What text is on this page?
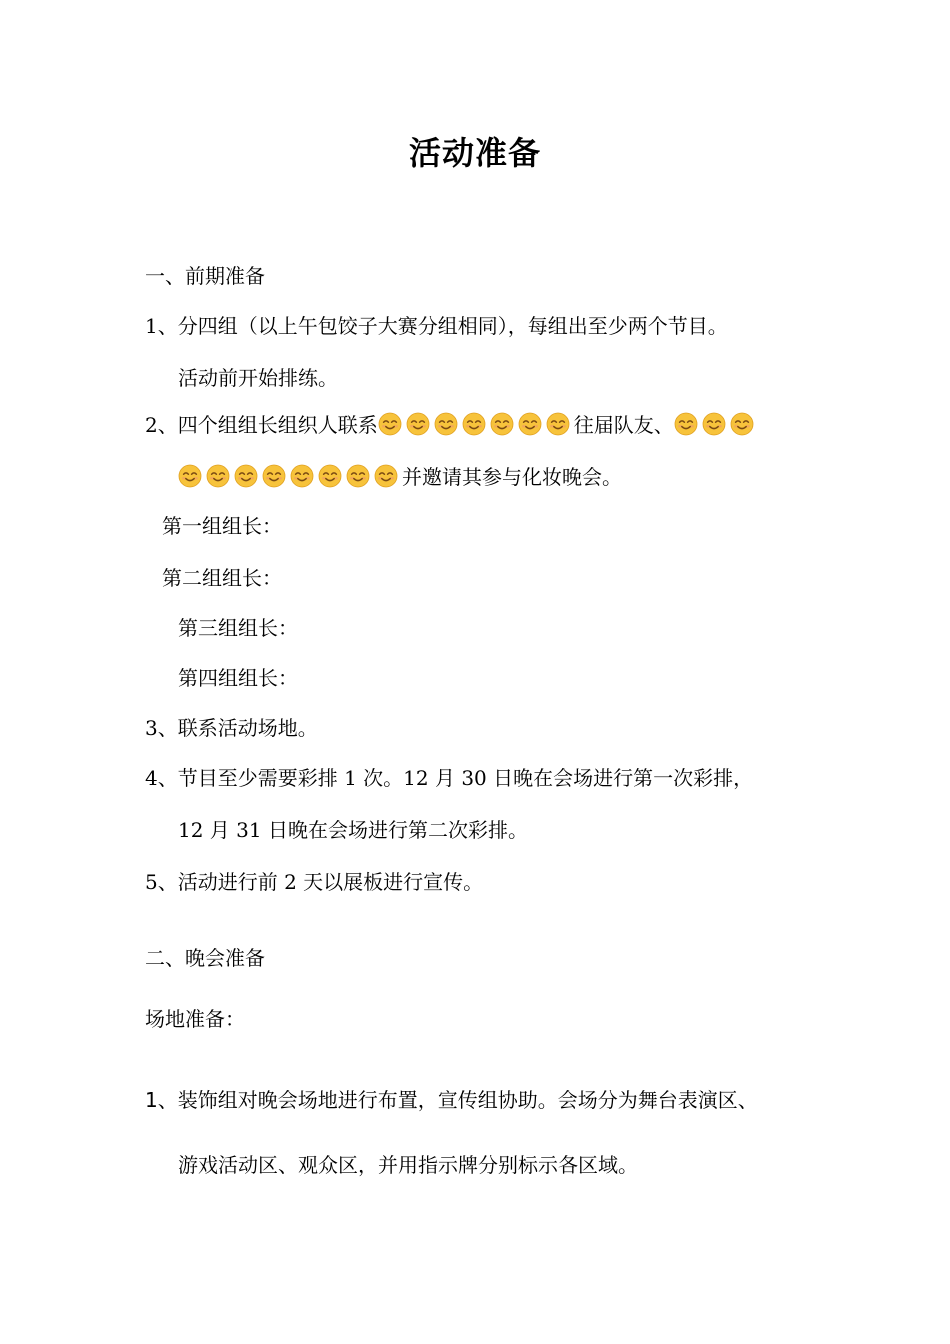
活动准备
一、前期准备
1、分四组（以上午包饺子大赛分组相同），每组出至少两个节目。
活动前开始排练。
2、四个组组长组织人联系	往届队友、
并邀请其参与化妆晚会。
第一组组长：
第二组组长：
第三组组长：
第四组组长：
3、联系活动场地。
4、节目至少需要彩排 1 次。12 月 30 日晚在会场进行第一次彩排，
12 月 31 日晚在会场进行第二次彩排。
5、活动进行前 2 天以展板进行宣传。
二、晚会准备
场地准备：
1、装饰组对晚会场地进行布置，宣传组协助。会场分为舞台表演区、
游戏活动区、观众区，并用指示牌分别标示各区域。
